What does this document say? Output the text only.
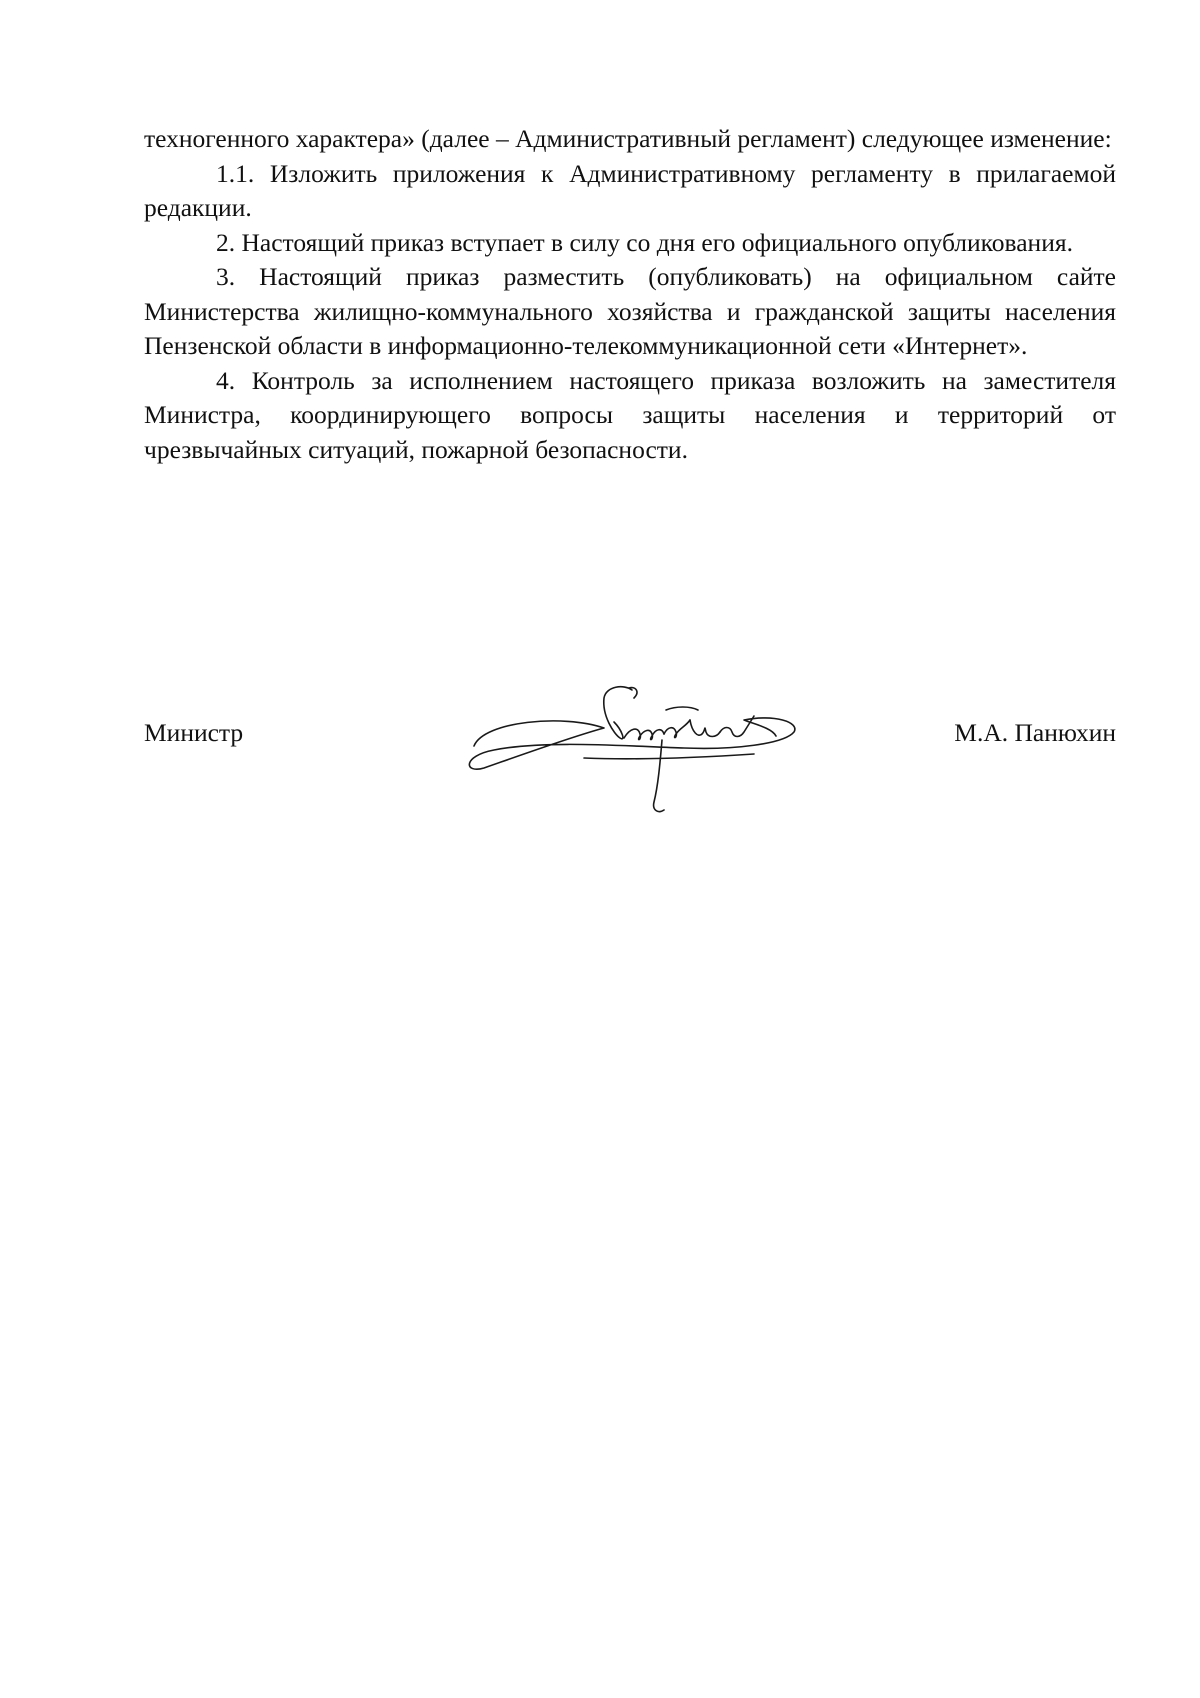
техногенного характера» (далее – Административный регламент) следующее изменение:

1.1. Изложить приложения к Административному регламенту в прилагаемой редакции.

2. Настоящий приказ вступает в силу со дня его официального опубликования.

3. Настоящий приказ разместить (опубликовать) на официальном сайте Министерства жилищно-коммунального хозяйства и гражданской защиты населения Пензенской области в информационно-телекоммуникационной сети «Интернет».

4. Контроль за исполнением настоящего приказа возложить на заместителя Министра, координирующего вопросы защиты населения и территорий от чрезвычайных ситуаций, пожарной безопасности.

Министр	М.А. Панюхин
